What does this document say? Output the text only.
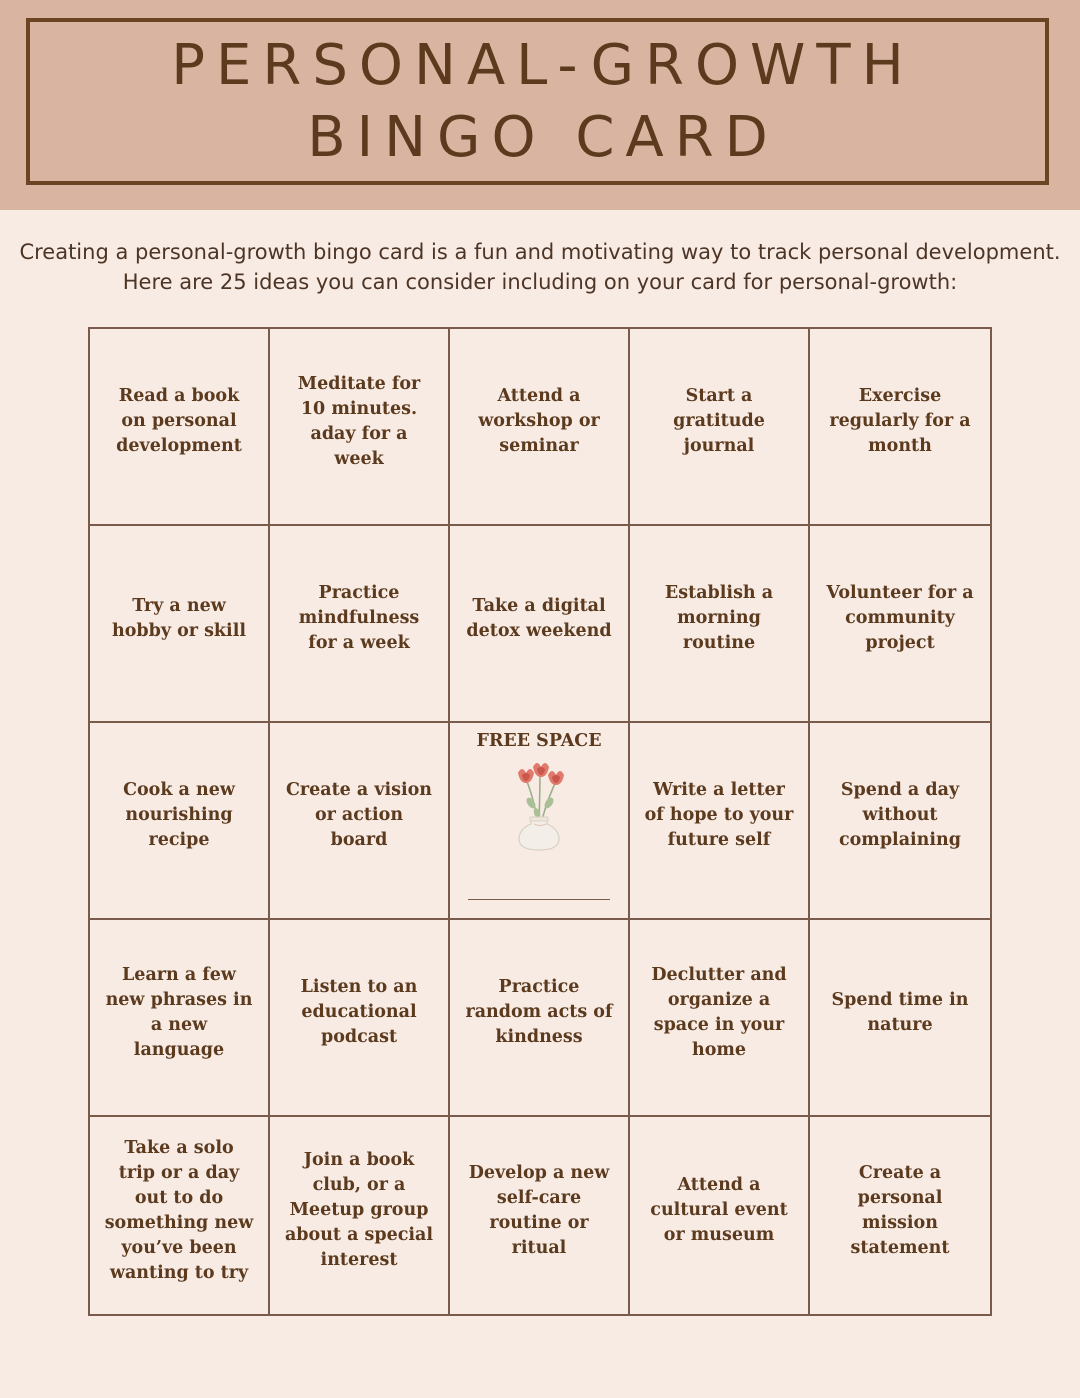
PERSONAL-GROWTH
BINGO CARD
Creating a personal-growth bingo card is a fun and motivating way to track personal development.
Here are 25 ideas you can consider including on your card for personal-growth:
Read a book on personal development
Meditate for 10 minutes. aday for a week
Attend a workshop or seminar
Start a gratitude journal
Exercise regularly for a month
Try a new hobby or skill
Practice mindfulness for a week
Take a digital detox weekend
Establish a morning routine
Volunteer for a community project
Cook a new nourishing recipe
Create a vision or action board
FREE SPACE
Write a letter of hope to your future self
Spend a day without complaining
Learn a few new phrases in a new language
Listen to an educational podcast
Practice random acts of kindness
Declutter and organize a space in your home
Spend time in nature
Take a solo trip or a day out to do something new you’ve been wanting to try
Join a book club, or a Meetup group about a special interest
Develop a new self-care routine or ritual
Attend a cultural event or museum
Create a personal mission statement
